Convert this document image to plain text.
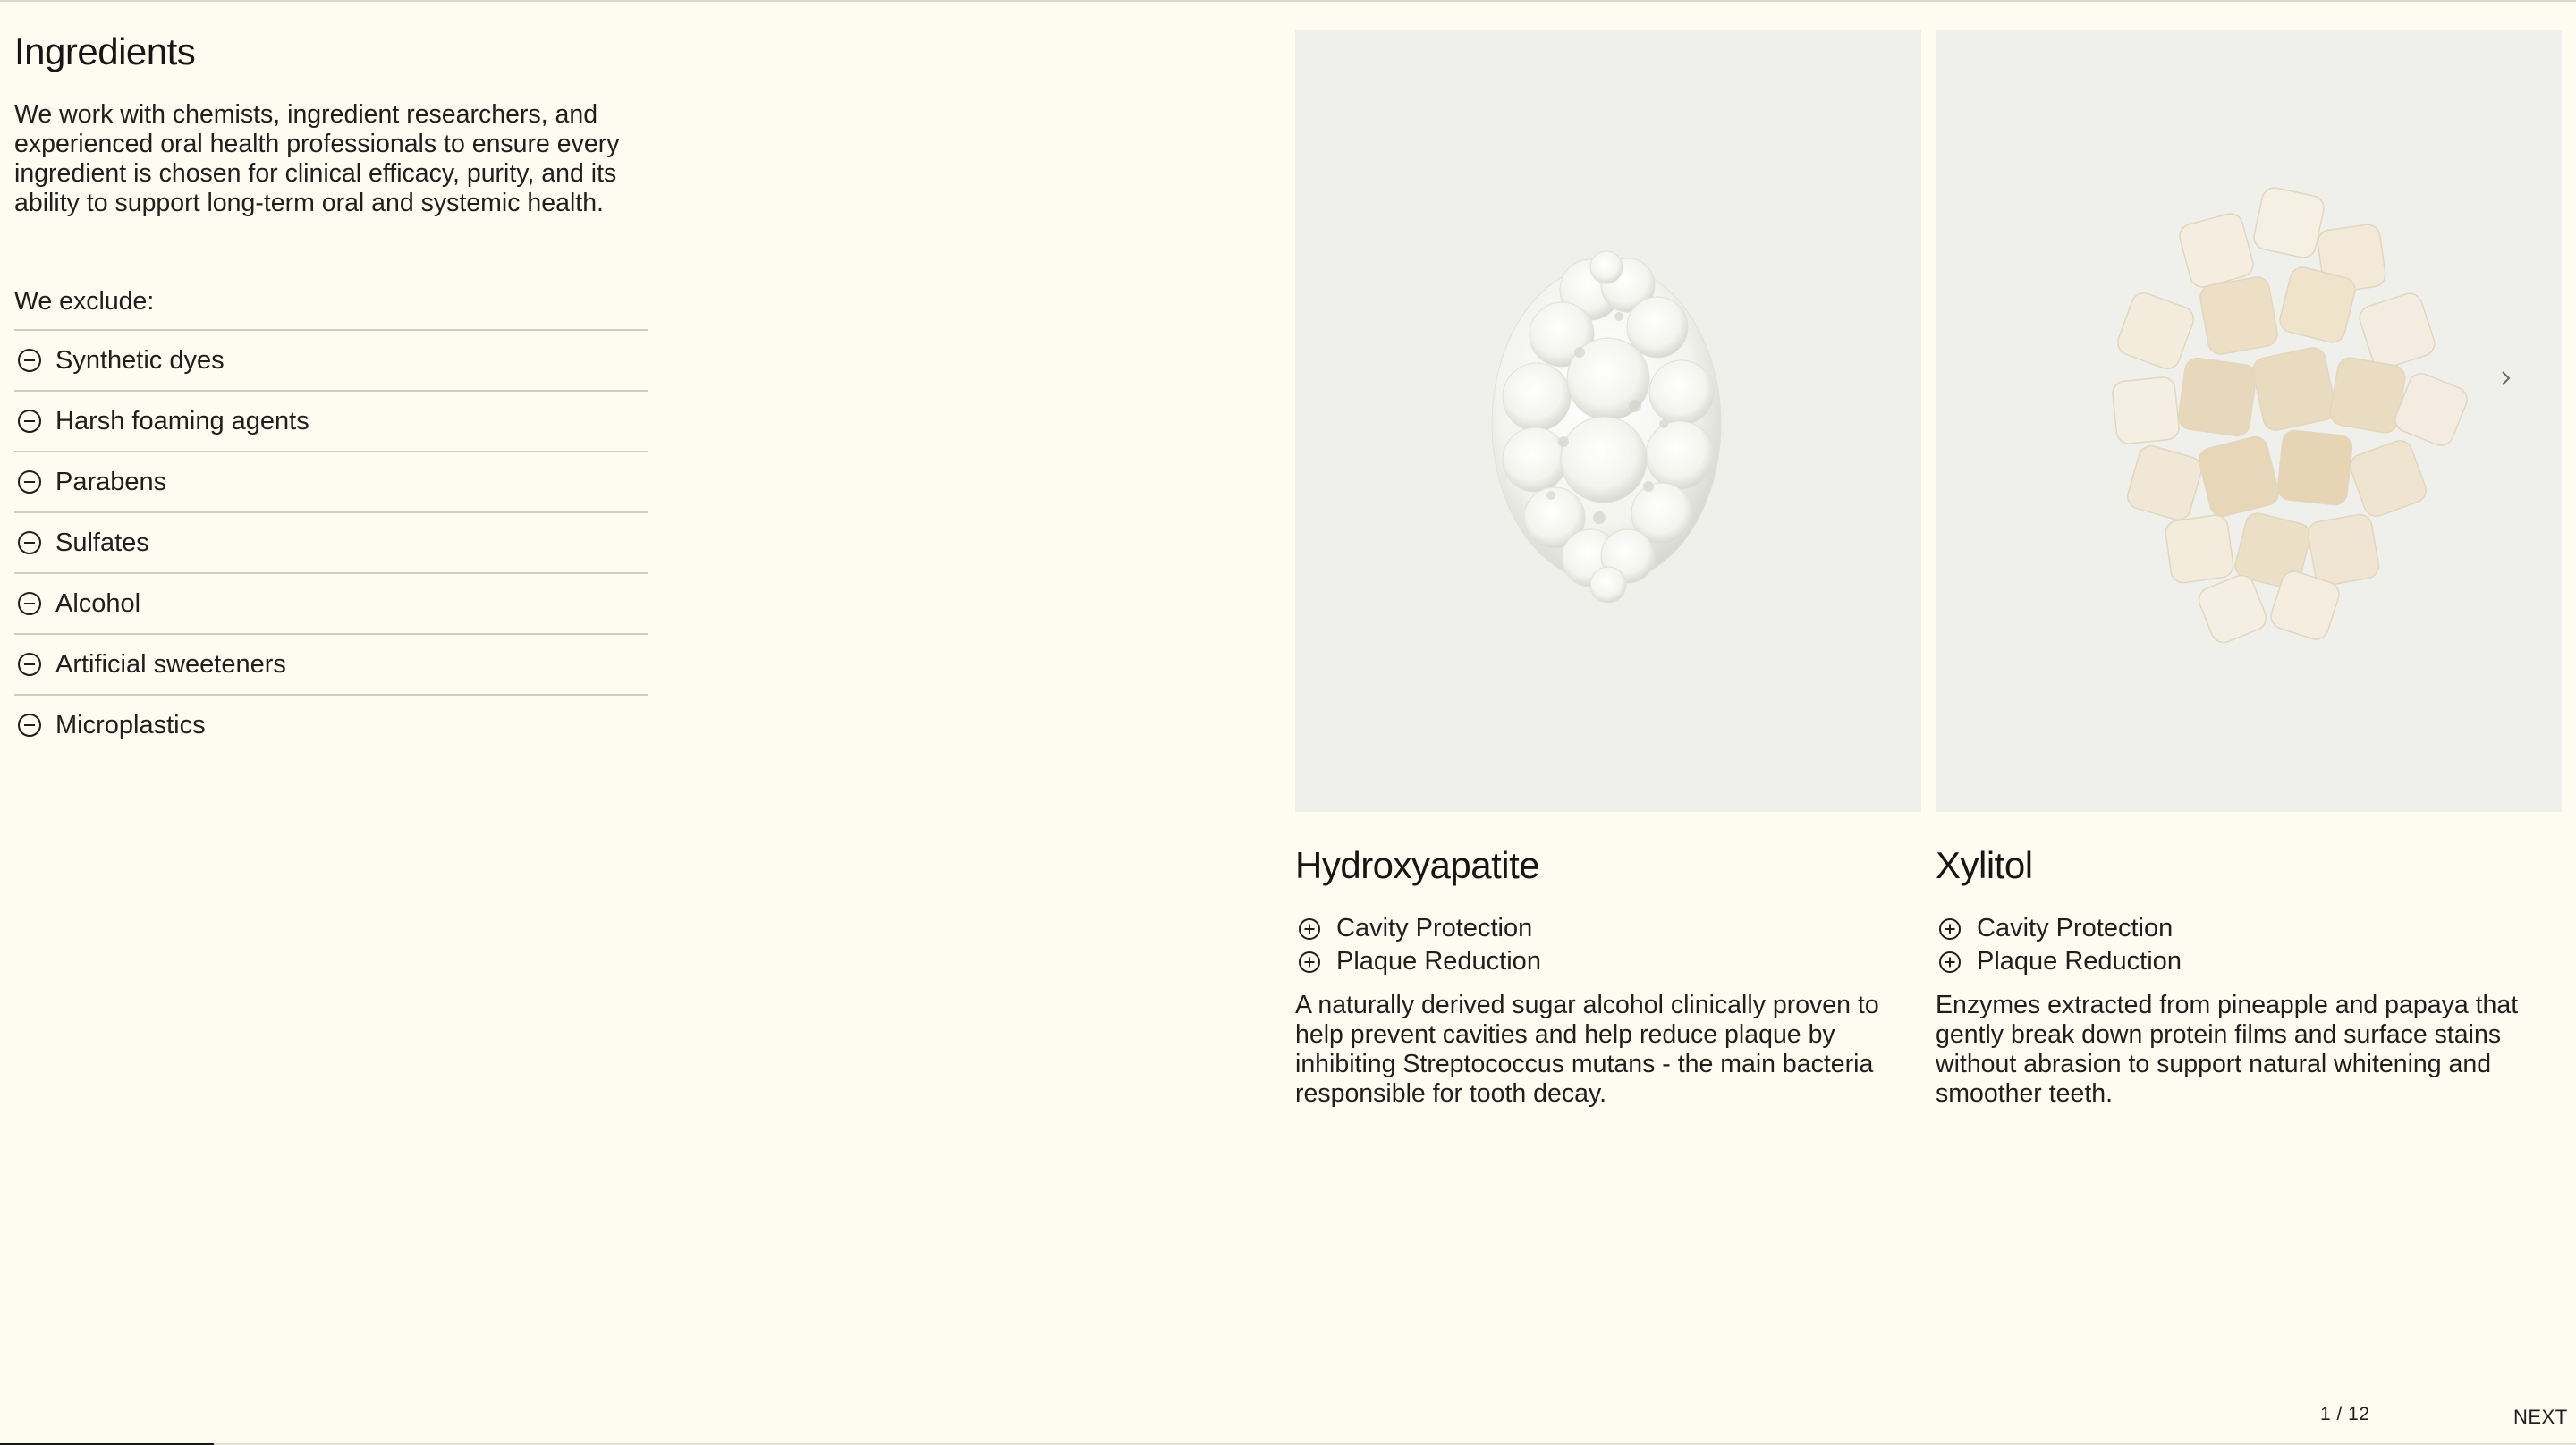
Ingredients

We work with chemists, ingredient researchers, and experienced oral health professionals to ensure every ingredient is chosen for clinical efficacy, purity, and its ability to support long-term oral and systemic health.

We exclude:
Synthetic dyes
Harsh foaming agents
Parabens
Sulfates
Alcohol
Artificial sweeteners
Microplastics
Hydroxyapatite
Cavity Protection
Plaque Reduction

A naturally derived sugar alcohol clinically proven to help prevent cavities and help reduce plaque by inhibiting Streptococcus mutans - the main bacteria responsible for tooth decay.

Xylitol
Cavity Protection
Plaque Reduction

Enzymes extracted from pineapple and papaya that gently break down protein films and surface stains without abrasion to support natural whitening and smoother teeth.

1 / 12	NEXT
